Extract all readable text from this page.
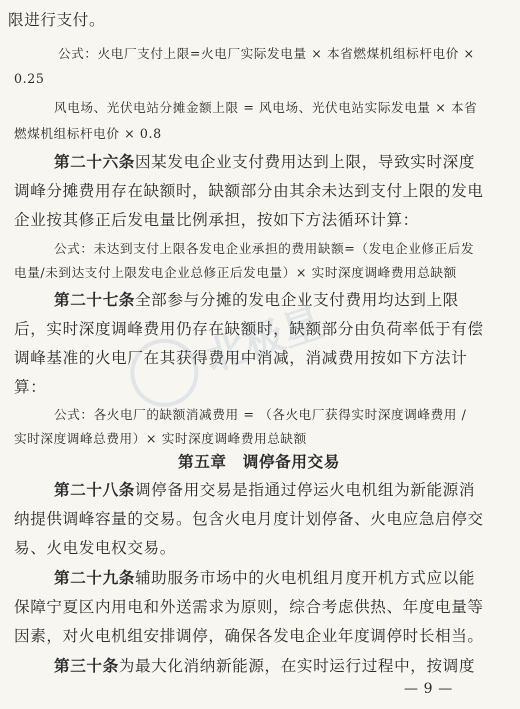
北极星
限进行支付。
公式：火电厂支付上限=火电厂实际发电量 × 本省燃煤机组标杆电价 ×
0.25
风电场、光伏电站分摊金额上限 = 风电场、光伏电站实际发电量 × 本省
燃煤机组标杆电价 × 0.8
第二十六条因某发电企业支付费用达到上限，导致实时深度
调峰分摊费用存在缺额时，缺额部分由其余未达到支付上限的发电
企业按其修正后发电量比例承担，按如下方法循环计算：
公式：未达到支付上限各发电企业承担的费用缺额=（发电企业修正后发
电量/未到达支付上限发电企业总修正后发电量）× 实时深度调峰费用总缺额
第二十七条全部参与分摊的发电企业支付费用均达到上限
后，实时深度调峰费用仍存在缺额时，缺额部分由负荷率低于有偿
调峰基准的火电厂在其获得费用中消减，消减费用按如下方法计
算：
公式：各火电厂的缺额消减费用 = （各火电厂获得实时深度调峰费用 /
实时深度调峰总费用）× 实时深度调峰费用总缺额
第五章　调停备用交易
第二十八条调停备用交易是指通过停运火电机组为新能源消
纳提供调峰容量的交易。包含火电月度计划停备、火电应急启停交
易、火电发电权交易。
第二十九条辅助服务市场中的火电机组月度开机方式应以能
保障宁夏区内用电和外送需求为原则，综合考虑供热、年度电量等
因素，对火电机组安排调停，确保各发电企业年度调停时长相当。
第三十条为最大化消纳新能源，在实时运行过程中，按调度
— 9 —
